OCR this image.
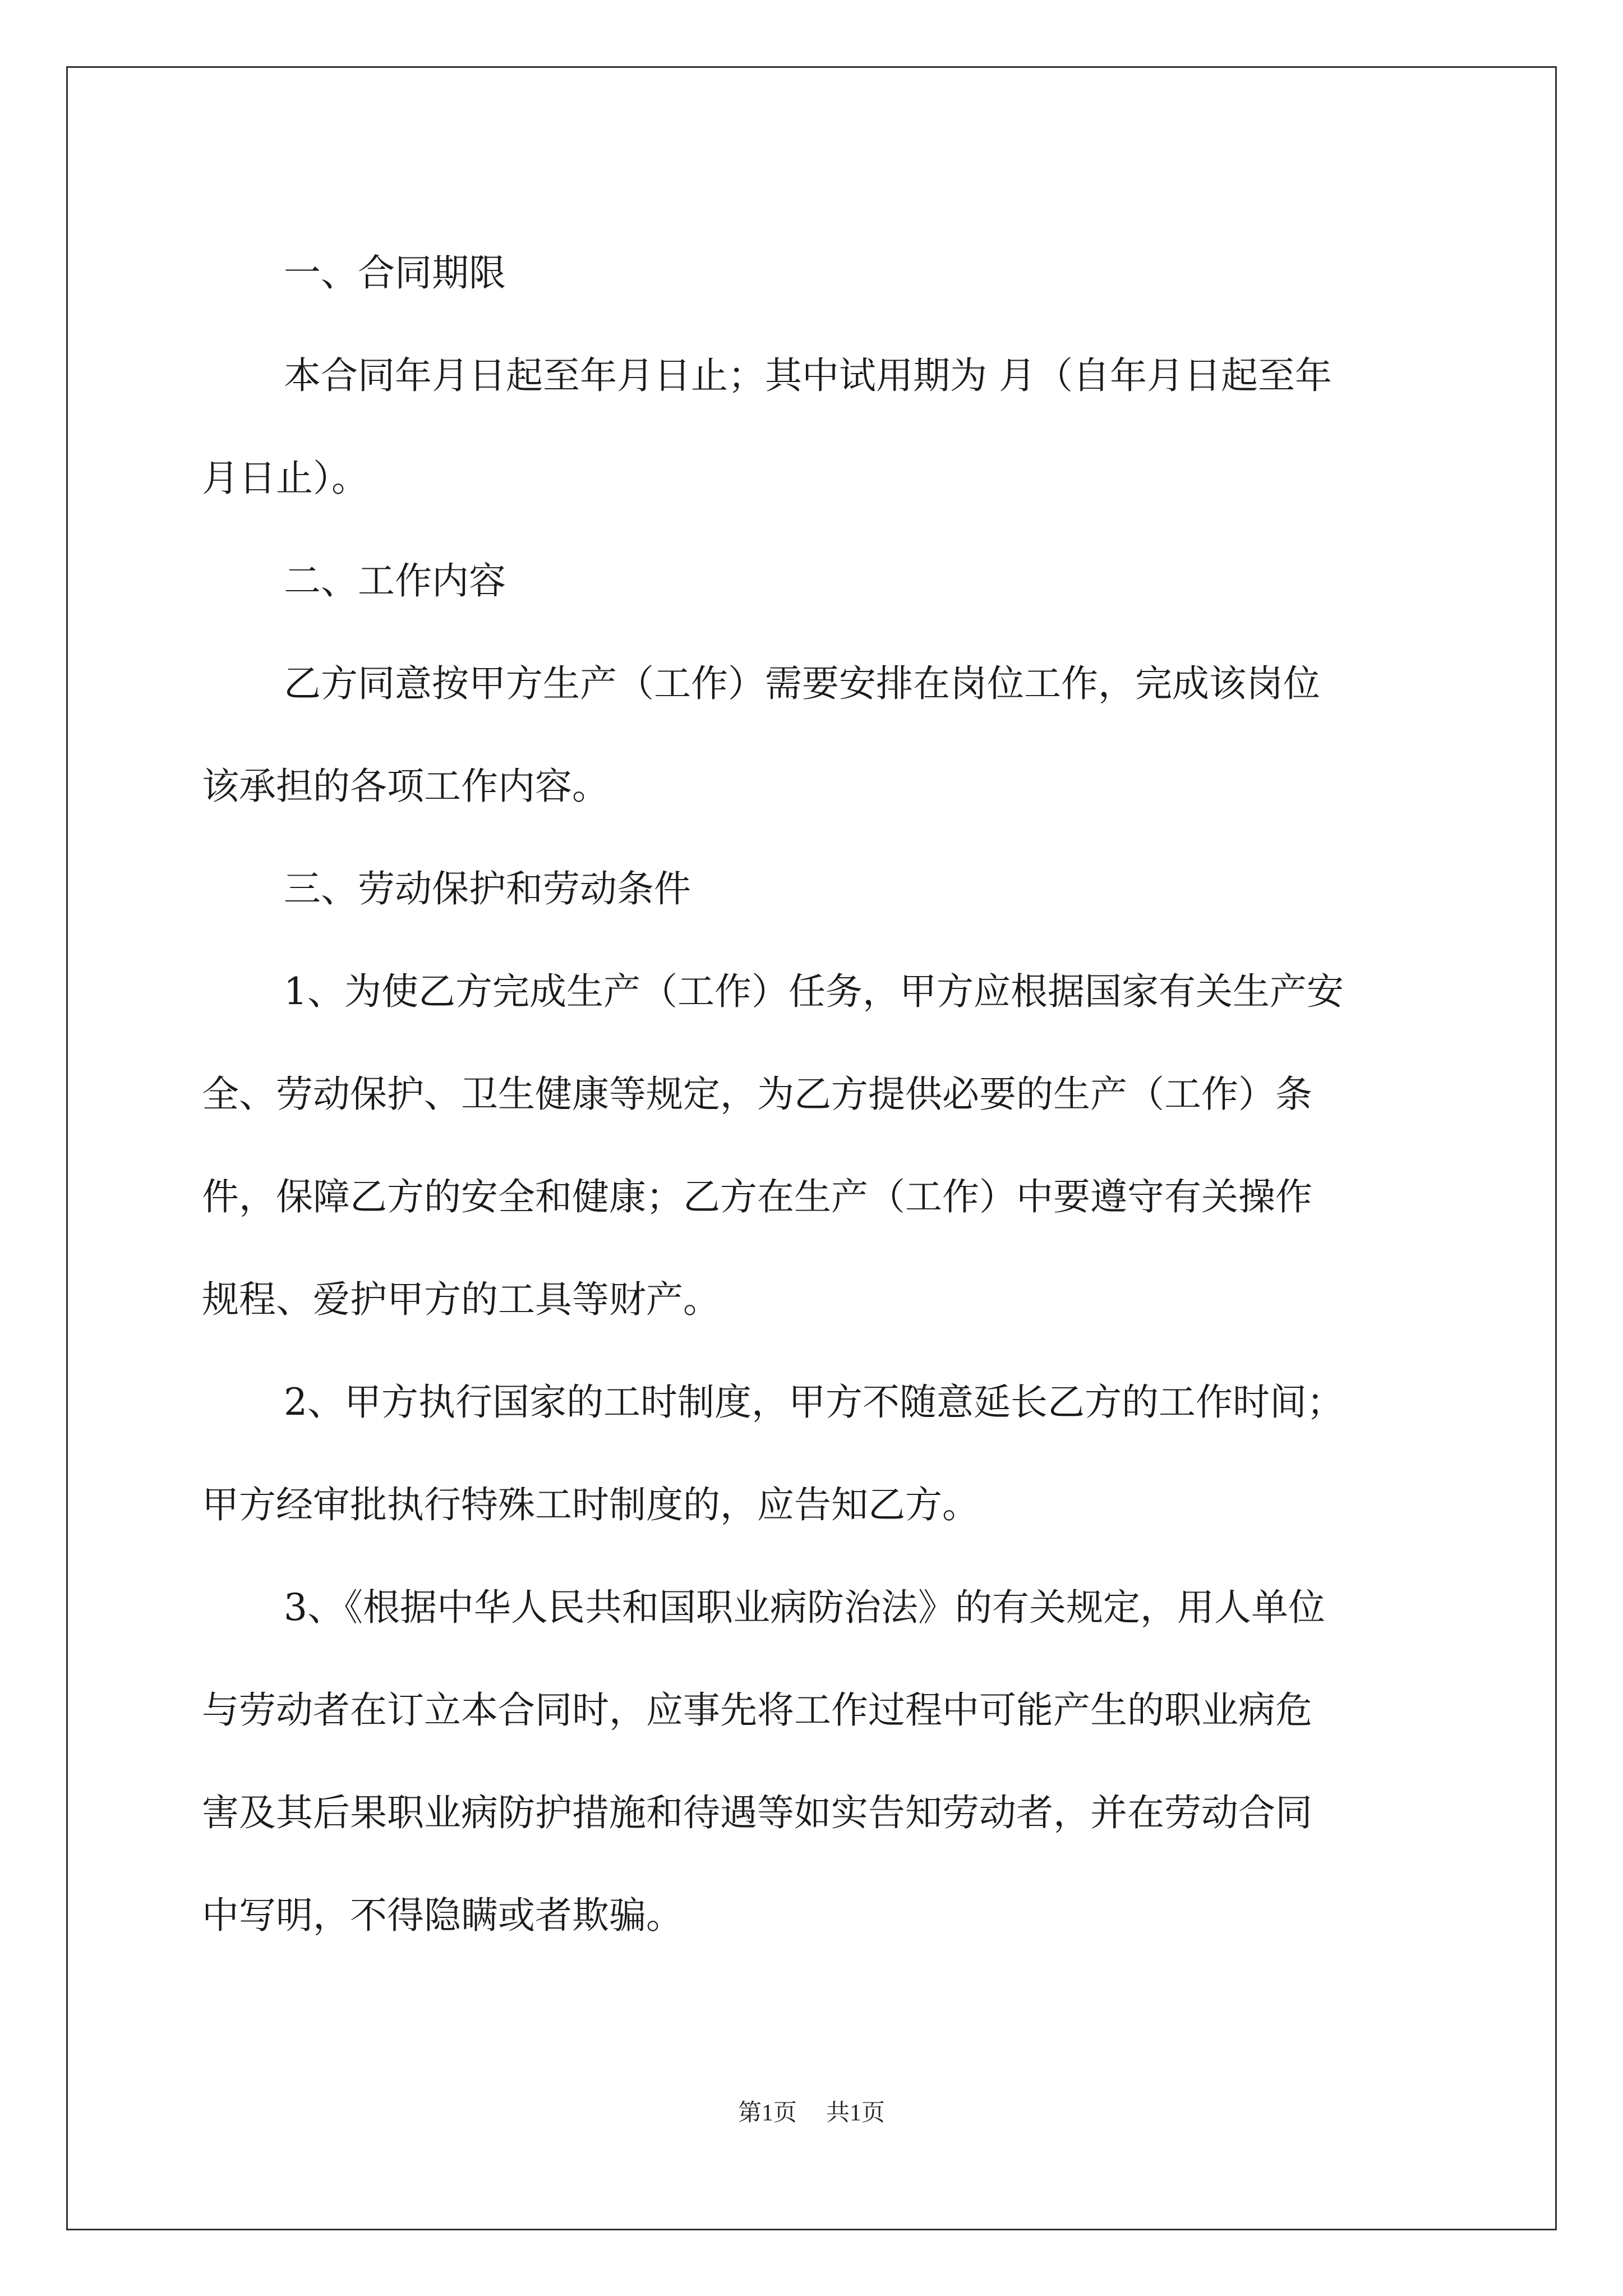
一、合同期限

本合同年月日起至年月日止；其中试用期为 月（自年月日起至年
月日止）。

二、工作内容

乙方同意按甲方生产（工作）需要安排在岗位工作，完成该岗位
该承担的各项工作内容。

三、劳动保护和劳动条件

1、为使乙方完成生产（工作）任务，甲方应根据国家有关生产安
全、劳动保护、卫生健康等规定，为乙方提供必要的生产（工作）条
件，保障乙方的安全和健康；乙方在生产（工作）中要遵守有关操作
规程、爱护甲方的工具等财产。

2、甲方执行国家的工时制度，甲方不随意延长乙方的工作时间；
甲方经审批执行特殊工时制度的，应告知乙方。

3、《根据中华人民共和国职业病防治法》的有关规定，用人单位
与劳动者在订立本合同时，应事先将工作过程中可能产生的职业病危
害及其后果职业病防护措施和待遇等如实告知劳动者，并在劳动合同
中写明，不得隐瞒或者欺骗。

第1页 共1页
